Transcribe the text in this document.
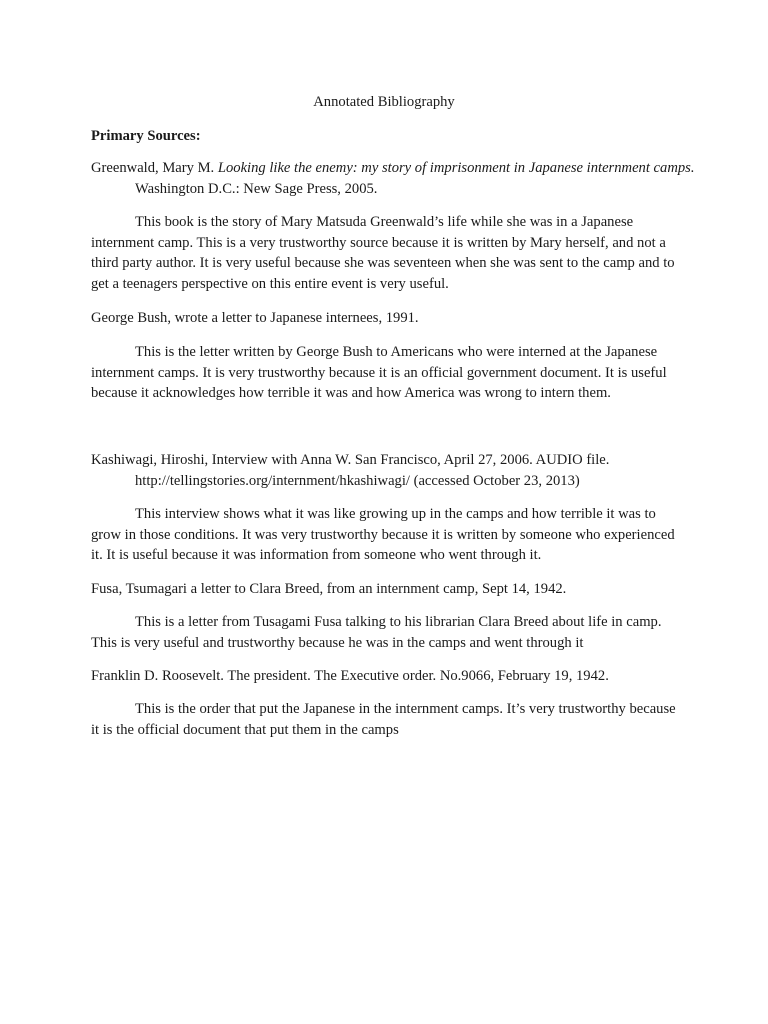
Annotated Bibliography
Primary Sources:

Greenwald, Mary M. Looking like the enemy: my story of imprisonment in Japanese internment camps. Washington D.C.: New Sage Press, 2005.

This book is the story of Mary Matsuda Greenwald’s life while she was in a Japanese internment camp. This is a very trustworthy source because it is written by Mary herself, and not a third party author. It is very useful because she was seventeen when she was sent to the camp and to get a teenagers perspective on this entire event is very useful.

George Bush, wrote a letter to Japanese internees, 1991.

This is the letter written by George Bush to Americans who were interned at the Japanese internment camps. It is very trustworthy because it is an official government document. It is useful because it acknowledges how terrible it was and how America was wrong to intern them.

Kashiwagi, Hiroshi, Interview with Anna W. San Francisco, April 27, 2006. AUDIO file. http://tellingstories.org/internment/hkashiwagi/ (accessed October 23, 2013)

This interview shows what it was like growing up in the camps and how terrible it was to grow in those conditions. It was very trustworthy because it is written by someone who experienced it. It is useful because it was information from someone who went through it.

Fusa, Tsumagari a letter to Clara Breed, from an internment camp, Sept 14, 1942.

This is a letter from Tusagami Fusa talking to his librarian Clara Breed about life in camp. This is very useful and trustworthy because he was in the camps and went through it

Franklin D. Roosevelt. The president. The Executive order. No.9066, February 19, 1942.

This is the order that put the Japanese in the internment camps. It’s very trustworthy because it is the official document that put them in the camps
